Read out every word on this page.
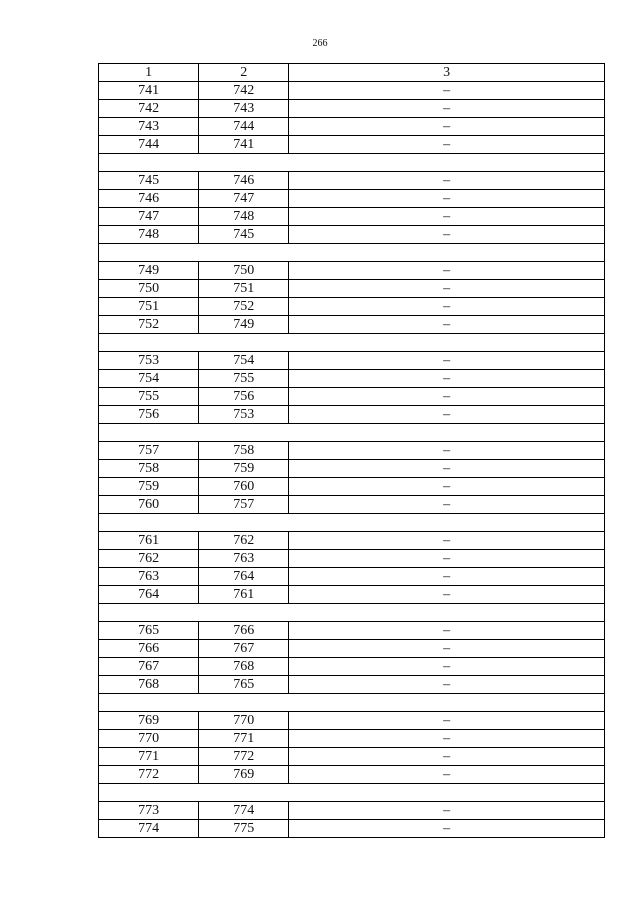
266
1	2	3
741	742	–
742	743	–
743	744	–
744	741	–

745	746	–
746	747	–
747	748	–
748	745	–

749	750	–
750	751	–
751	752	–
752	749	–

753	754	–
754	755	–
755	756	–
756	753	–

757	758	–
758	759	–
759	760	–
760	757	–

761	762	–
762	763	–
763	764	–
764	761	–

765	766	–
766	767	–
767	768	–
768	765	–

769	770	–
770	771	–
771	772	–
772	769	–

773	774	–
774	775	–
